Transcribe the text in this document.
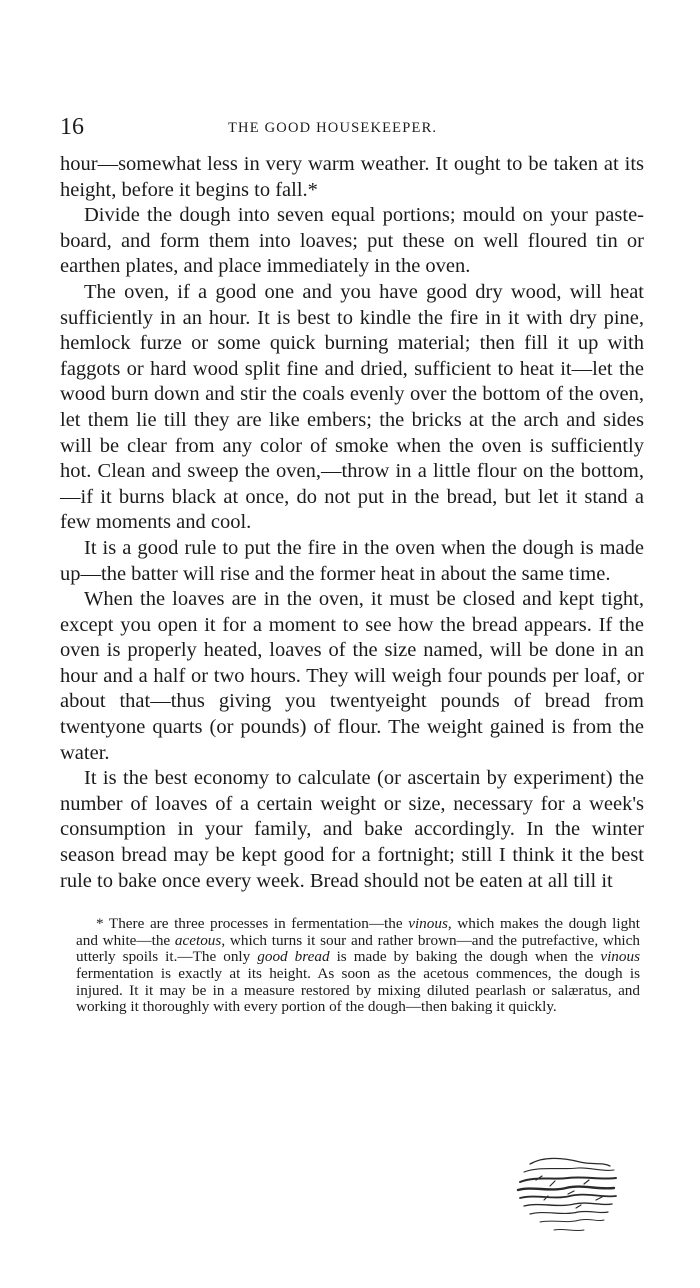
16	THE GOOD HOUSEKEEPER.

hour—somewhat less in very warm weather. It ought to be taken at its height, before it begins to fall.*

Divide the dough into seven equal portions; mould on your paste-board, and form them into loaves; put these on well floured tin or earthen plates, and place immediately in the oven.

The oven, if a good one and you have good dry wood, will heat sufficiently in an hour. It is best to kindle the fire in it with dry pine, hemlock furze or some quick burning material; then fill it up with faggots or hard wood split fine and dried, sufficient to heat it—let the wood burn down and stir the coals evenly over the bottom of the oven, let them lie till they are like embers; the bricks at the arch and sides will be clear from any color of smoke when the oven is sufficiently hot. Clean and sweep the oven,—throw in a little flour on the bottom,—if it burns black at once, do not put in the bread, but let it stand a few moments and cool.

It is a good rule to put the fire in the oven when the dough is made up—the batter will rise and the former heat in about the same time.

When the loaves are in the oven, it must be closed and kept tight, except you open it for a moment to see how the bread appears. If the oven is properly heated, loaves of the size named, will be done in an hour and a half or two hours. They will weigh four pounds per loaf, or about that—thus giving you twentyeight pounds of bread from twentyone quarts (or pounds) of flour. The weight gained is from the water.

It is the best economy to calculate (or ascertain by experiment) the number of loaves of a certain weight or size, necessary for a week's consumption in your family, and bake accordingly. In the winter season bread may be kept good for a fortnight; still I think it the best rule to bake once every week. Bread should not be eaten at all till it

* There are three processes in fermentation—the vinous, which makes the dough light and white—the acetous, which turns it sour and rather brown—and the putrefactive, which utterly spoils it.—The only good bread is made by baking the dough when the vinous fermentation is exactly at its height. As soon as the acetous commences, the dough is injured. It it may be in a measure restored by mixing diluted pearlash or salæratus, and working it thoroughly with every portion of the dough—then baking it quickly.
